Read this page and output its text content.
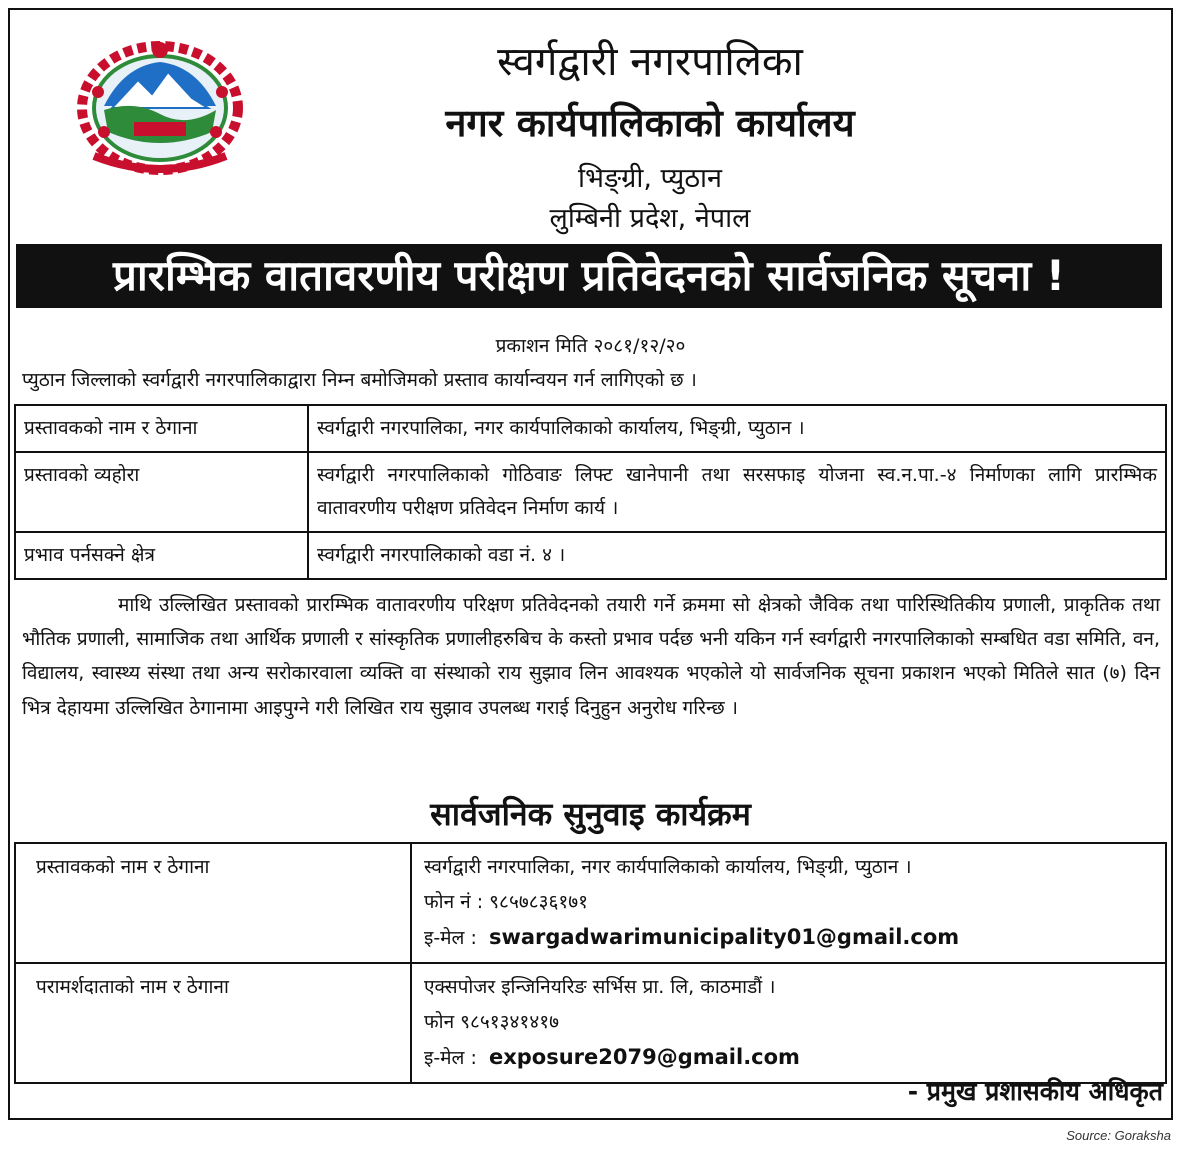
स्वर्गद्वारी नगरपालिका
नगर कार्यपालिकाको कार्यालय
भिङ्ग्री, प्युठान
लुम्बिनी प्रदेश, नेपाल
प्रारम्भिक वातावरणीय परीक्षण प्रतिवेदनको सार्वजनिक सूचना !
प्रकाशन मिति २०८१/१२/२०
प्युठान जिल्लाको स्वर्गद्वारी नगरपालिकाद्वारा निम्न बमोजिमको प्रस्ताव कार्यान्वयन गर्न लागिएको छ ।
प्रस्तावकको नाम र ठेगाना	स्वर्गद्वारी नगरपालिका, नगर कार्यपालिकाको कार्यालय, भिङ्ग्री, प्युठान ।
प्रस्तावको व्यहोरा	स्वर्गद्वारी नगरपालिकाको गोठिवाङ लिफ्ट खानेपानी तथा सरसफाइ योजना स्व.न.पा.-४ निर्माणका लागि प्रारम्भिक वातावरणीय परीक्षण प्रतिवेदन निर्माण कार्य ।
प्रभाव पर्नसक्ने क्षेत्र	स्वर्गद्वारी नगरपालिकाको वडा नं. ४ ।
माथि उल्लिखित प्रस्तावको प्रारम्भिक वातावरणीय परिक्षण प्रतिवेदनको तयारी गर्ने क्रममा सो क्षेत्रको जैविक तथा पारिस्थितिकीय प्रणाली, प्राकृतिक तथा भौतिक प्रणाली, सामाजिक तथा आर्थिक प्रणाली र सांस्कृतिक प्रणालीहरुबिच के कस्तो प्रभाव पर्दछ भनी यकिन गर्न स्वर्गद्वारी नगरपालिकाको सम्बधित वडा समिति, वन, विद्यालय, स्वास्थ्य संस्था तथा अन्य सरोकारवाला व्यक्ति वा संस्थाको राय सुझाव लिन आवश्यक भएकोले यो सार्वजनिक सूचना प्रकाशन भएको मितिले सात (७) दिन भित्र देहायमा उल्लिखित ठेगानामा आइपुग्ने गरी लिखित राय सुझाव उपलब्ध गराई दिनुहुन अनुरोध गरिन्छ ।
सार्वजनिक सुनुवाइ कार्यक्रम
प्रस्तावकको नाम र ठेगाना	स्वर्गद्वारी नगरपालिका, नगर कार्यपालिकाको कार्यालय, भिङ्ग्री, प्युठान ।
फोन नं : ९८५७८३६१७१
इ-मेल : swargadwarimunicipality01@gmail.com

परामर्शदाताको नाम र ठेगाना	एक्सपोजर इन्जिनियरिङ सर्भिस प्रा. लि, काठमाडौं ।
फोन ९८५१३४१४१७
इ-मेल : exposure2079@gmail.com
- प्रमुख प्रशासकीय अधिकृत
Source: Goraksha
